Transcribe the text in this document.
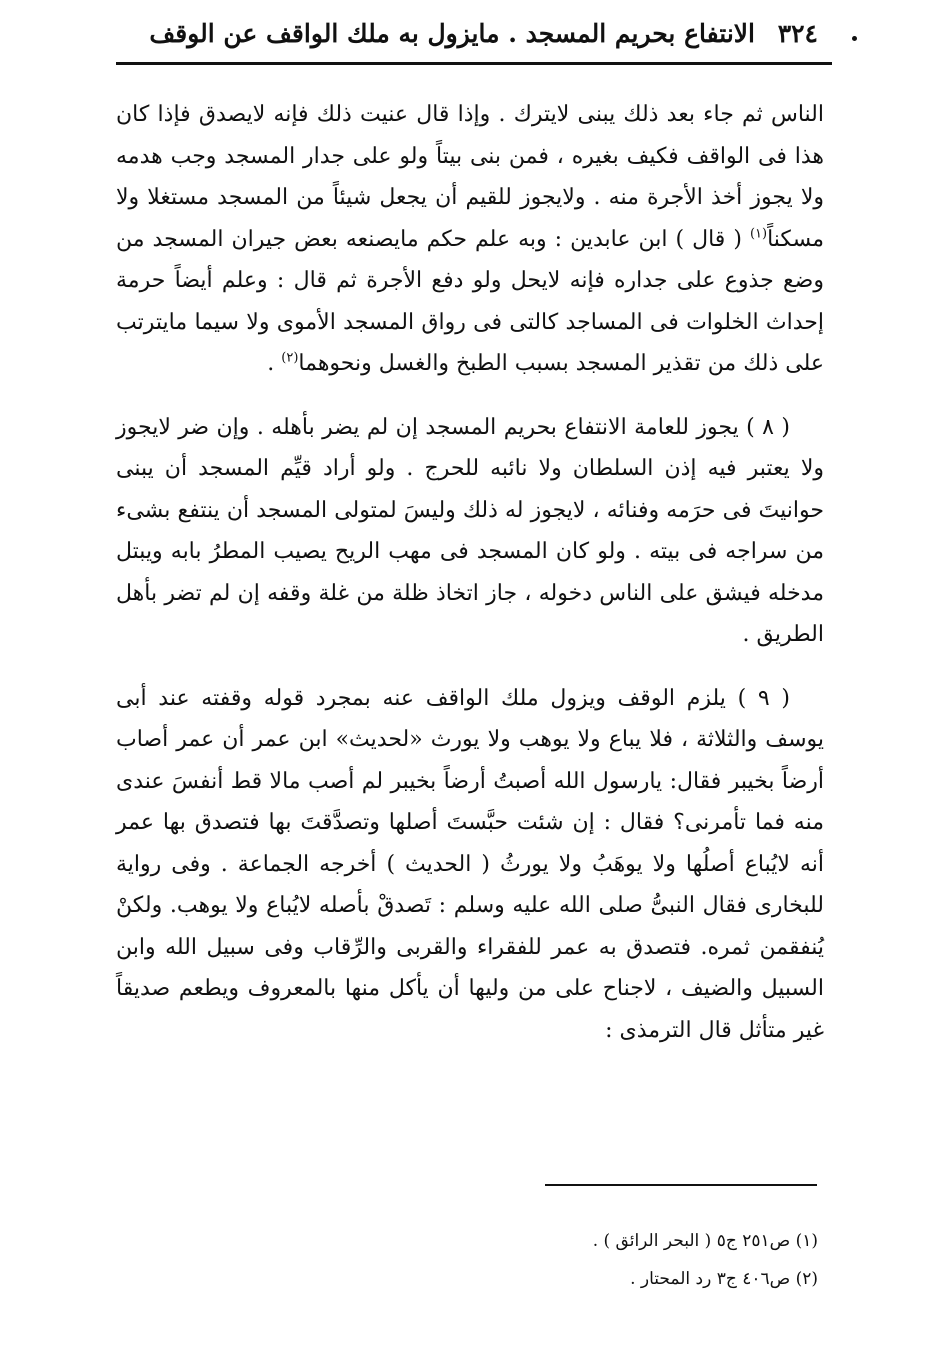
٣٢٤ الانتفاع بحريم المسجد . مايزول به ملك الواقف عن الوقف

الناس ثم جاء بعد ذلك يبنى لايترك . وإذا قال عنيت ذلك فإنه لايصدق فإذا كان هذا فى الواقف فكيف بغيره ، فمن بنى بيتاً ولو على جدار المسجد وجب هدمه ولا يجوز أخذ الأجرة منه . ولايجوز للقيم أن يجعل شيئاً من المسجد مستغلا ولا مسكناً$^{(١)}$ ( قال ) ابن عابدين : وبه علم حكم مايصنعه بعض جيران المسجد من وضع جذوع على جداره فإنه لايحل ولو دفع الأجرة ثم قال : وعلم أيضاً حرمة إحداث الخلوات فى المساجد كالتى فى رواق المسجد الأموى ولا سيما مايترتب على ذلك من تقذير المسجد بسبب الطبخ والغسل ونحوهما$^{(٢)}$ .

( ٨ ) يجوز للعامة الانتفاع بحريم المسجد إن لم يضر بأهله . وإن ضر لايجوز ولا يعتبر فيه إذن السلطان ولا نائبه للحرج . ولو أراد قيِّم المسجد أن يبنى حوانيتَ فى حرَمه وفنائه ، لايجوز له ذلك وليسَ لمتولى المسجد أن ينتفع بشىء من سراجه فى بيته . ولو كان المسجد فى مهب الريح يصيب المطرُ بابه ويبتل مدخله فيشق على الناس دخوله ، جاز اتخاذ ظلة من غلة وقفه إن لم تضر بأهل الطريق .

( ٩ ) يلزم الوقف ويزول ملك الواقف عنه بمجرد قوله وقفته عند أبى يوسف والثلاثة ، فلا يباع ولا يوهب ولا يورث «لحديث» ابن عمر أن عمر أصاب أرضاً بخيبر فقال: يارسول الله أصبتُ أرضاً بخيبر لم أصب مالا قط أنفسَ عندى منه فما تأمرنى؟ فقال : إن شئت حبَّستَ أصلها وتصدَّقتَ بها فتصدق بها عمر أنه لايُباع أصلُها ولا يوهَبُ ولا يورثُ ( الحديث ) أخرجه الجماعة . وفى رواية للبخارى فقال النبىُّ صلى الله عليه وسلم : تَصدقْ بأصله لايُباع ولا يوهب. ولكنْ يُنفقمن ثمره. فتصدق به عمر للفقراء والقربى والرِّقاب وفى سبيل الله وابن السبيل والضيف ، لاجناح على من وليها أن يأكل منها بالمعروف ويطعم صديقاً غير متأثل قال الترمذى :

(١) ص٢٥١ ج٥ ( البحر الرائق ) .

(٢) ص٤٠٦ ج٣ رد المحتار .
